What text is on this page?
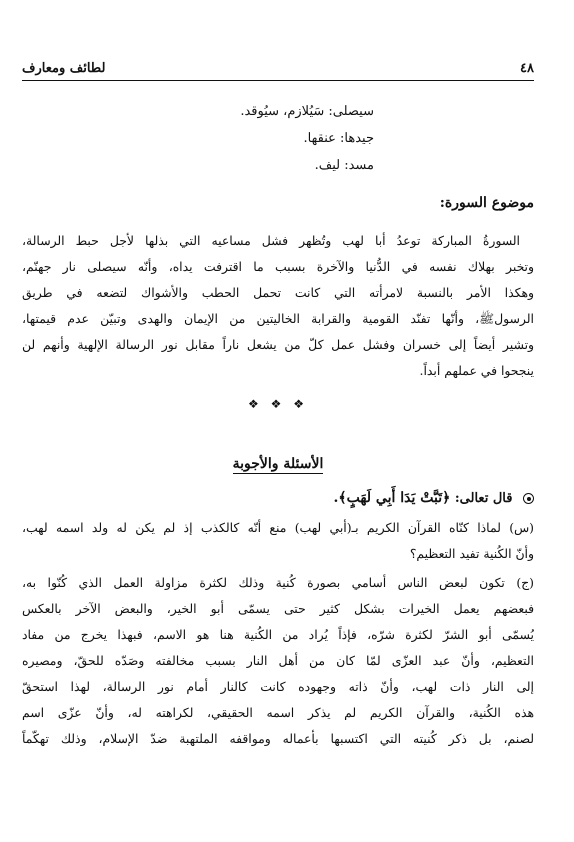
٤٨
لطائف ومعارف
سيصلى: سَيُلازم، سيُوقد.
جيدها: عنقها.
مسد: ليف.
موضوع السورة:
السورةُ المباركة توعدُ أبا لهب وتُظهر فشل مساعيه التي بذلها لأجل حبط الرسالة،
وتخبر بهلاك نفسه في الدُّنيا والآخرة بسبب ما اقترفت يداه، وأنّه سيصلى نار جهنّم،
وهكذا الأمر بالنسبة لامرأته التي كانت تحمل الحطب والأشواك لتضعه في طريق
الرسولﷺ، وأنّها تفنّد القومية والقرابة الخاليتين من الإيمان والهدى وتبيّن عدم قيمتها،
وتشير أيضاً إلى خسران وفشل عمل كلّ من يشعل ناراً مقابل نور الرسالة الإلهية وأنهم لن
ينجحوا في عملهم أبداً.
❖ ❖ ❖
الأسئلة والأجوبة
قال تعالى: ﴿تَبَّتْ يَدَا أَبِي لَهَبٍ﴾.
(س) لماذا كنّاه القرآن الكريم بـ(أبي لهب) منع أنّه كالكذب إذ لم يكن له ولد اسمه لهب،
وأنّ الكُنية تفيد التعظيم؟
(ج) تكون لبعض الناس أسامي بصورة كُنية وذلك لكثرة مزاولة العمل الذي كُنّوا به،
فبعضهم يعمل الخيرات بشكل كثير حتى يسمّى أبو الخير، والبعض الآخر بالعكس
يُسمّى أبو الشرّ لكثرة شرّه، فإذاً يُراد من الكُنية هنا هو الاسم، فبهذا يخرج من مفاد
التعظيم، وأنّ عبد العزّى لمّا كان من أهل النار بسبب مخالفته وصَدّه للحقّ، ومصيره
إلى النار ذات لهب، وأنّ ذاته وجهوده كانت كالنار أمام نور الرسالة، لهذا استحقّ
هذه الكُنية، والقرآن الكريم لم يذكر اسمه الحقيقي، لكراهته له، وأنّ عزّى اسم
لصنم، بل ذكر كُنيته التي اكتسبها بأعماله ومواقفه الملتهبة ضدّ الإسلام، وذلك تهكّماً
